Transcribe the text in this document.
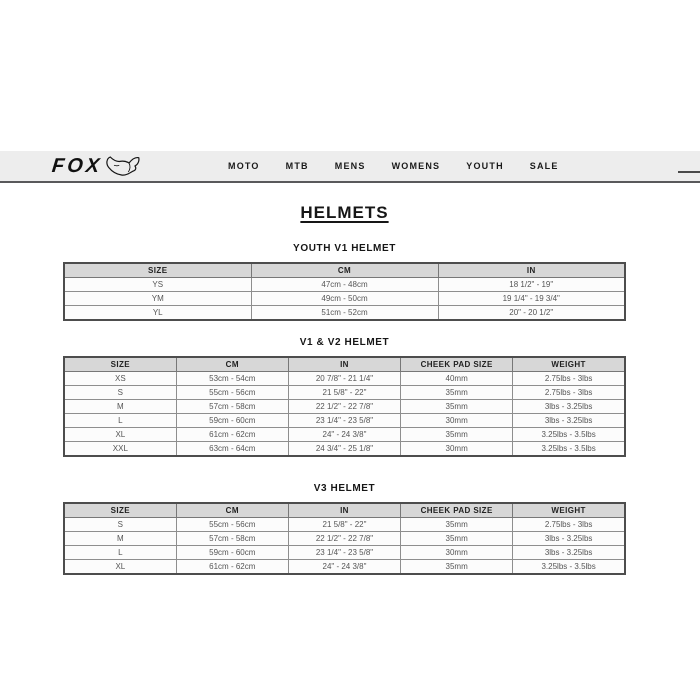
FOX	MOTO	MTB	MENS	WOMENS	YOUTH	SALE
HELMETS
YOUTH V1 HELMET
SIZE	CM	IN
YS	47cm - 48cm	18 1/2" - 19"
YM	49cm - 50cm	19 1/4" - 19 3/4"
YL	51cm - 52cm	20" - 20 1/2"
V1 & V2 HELMET
SIZE	CM	IN	CHEEK PAD SIZE	WEIGHT
XS	53cm - 54cm	20 7/8" - 21 1/4"	40mm	2.75lbs - 3lbs
S	55cm - 56cm	21 5/8" - 22"	35mm	2.75lbs - 3lbs
M	57cm - 58cm	22 1/2" - 22 7/8"	35mm	3lbs - 3.25lbs
L	59cm - 60cm	23 1/4" - 23 5/8"	30mm	3lbs - 3.25lbs
XL	61cm - 62cm	24" - 24 3/8"	35mm	3.25lbs - 3.5lbs
XXL	63cm - 64cm	24 3/4" - 25 1/8"	30mm	3.25lbs - 3.5lbs
V3 HELMET
SIZE	CM	IN	CHEEK PAD SIZE	WEIGHT
S	55cm - 56cm	21 5/8" - 22"	35mm	2.75lbs - 3lbs
M	57cm - 58cm	22 1/2" - 22 7/8"	35mm	3lbs - 3.25lbs
L	59cm - 60cm	23 1/4" - 23 5/8"	30mm	3lbs - 3.25lbs
XL	61cm - 62cm	24" - 24 3/8"	35mm	3.25lbs - 3.5lbs
